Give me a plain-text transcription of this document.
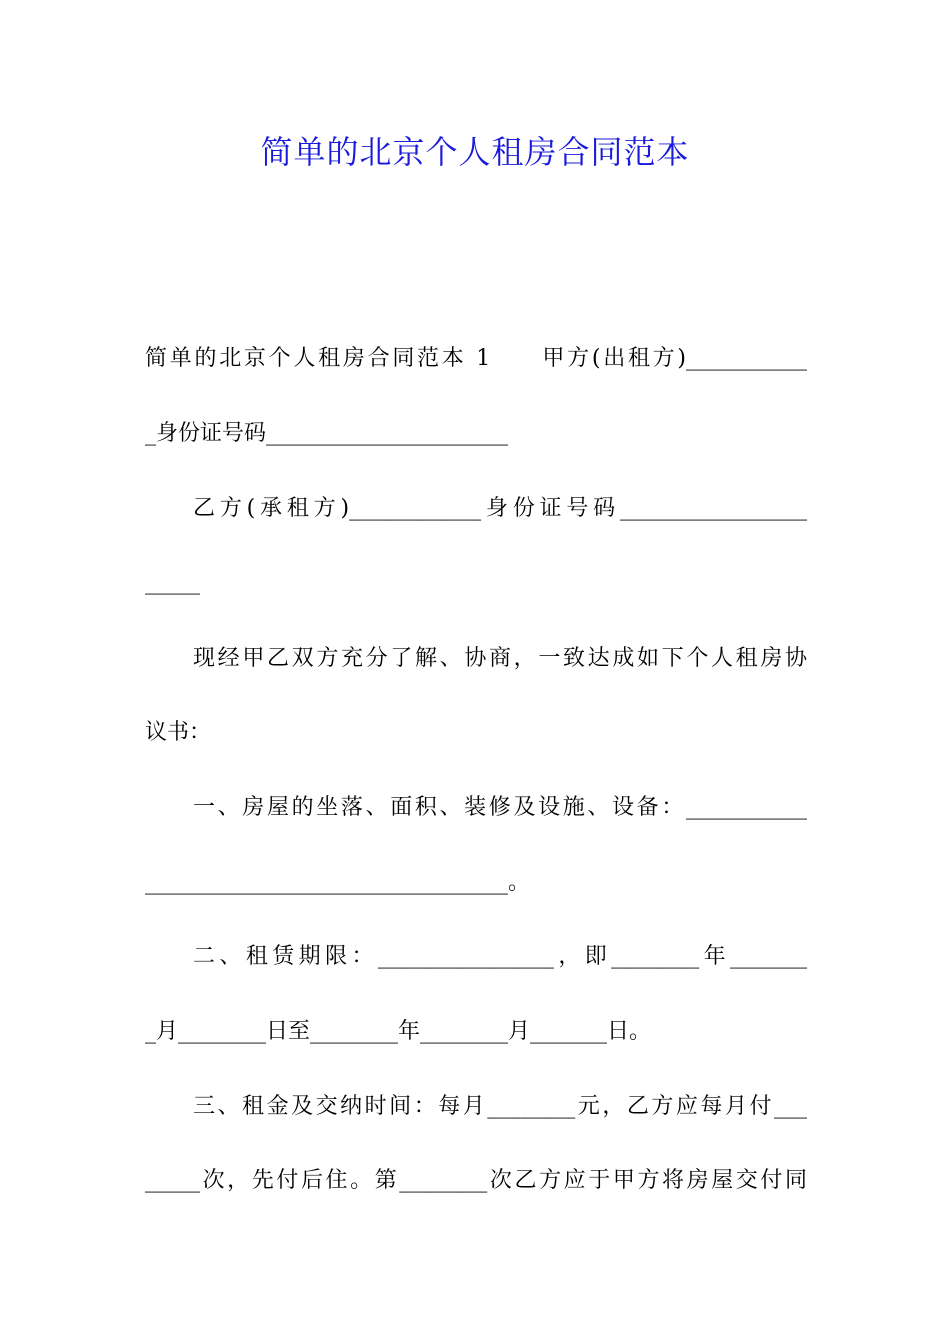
简单的北京个人租房合同范本
简单的北京个人租房合同范本 1　　甲方(出租方)___________
_身份证号码______________________
乙方(承租方)____________身份证号码_________________
_____
现经甲乙双方充分了解、协商，一致达成如下个人租房协
议书：
一、房屋的坐落、面积、装修及设施、设备：___________
_________________________________。
二、租赁期限：________________，即________年_______
_月________日至________年________月_______日。
三、租金及交纳时间：每月________元，乙方应每月付___
_____次，先付后住。第________次乙方应于甲方将房屋交付同
